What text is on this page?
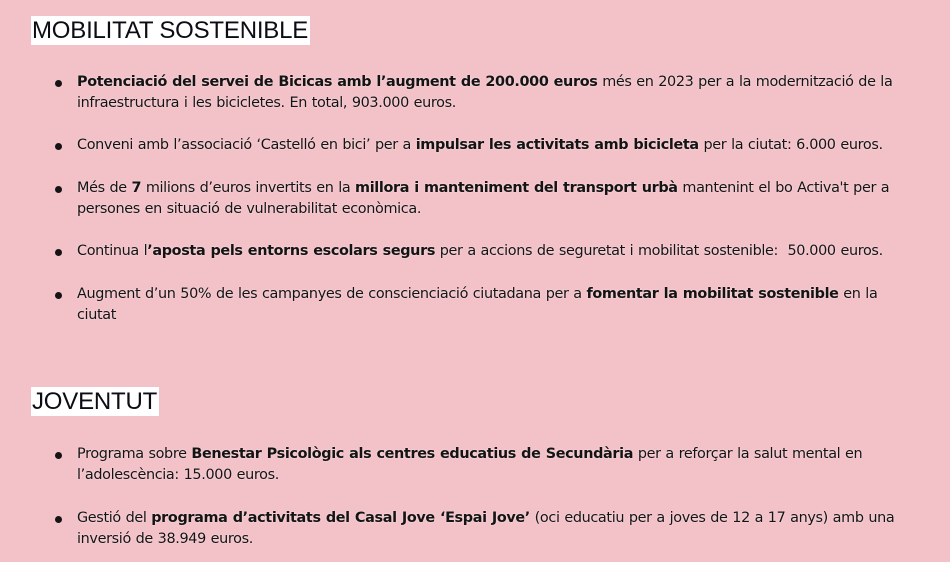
MOBILITAT SOSTENIBLE
Potenciació del servei de Bicicas amb l’augment de 200.000 euros més en 2023 per a la modernització de la infraestructura i les bicicletes. En total, 903.000 euros.
Conveni amb l’associació ‘Castelló en bici’ per a impulsar les activitats amb bicicleta per la ciutat: 6.000 euros.
Més de 7 milions d’euros invertits en la millora i manteniment del transport urbà mantenint el bo Activa't per a persones en situació de vulnerabilitat econòmica.
Continua l’aposta pels entorns escolars segurs per a accions de seguretat i mobilitat sostenible:  50.000 euros.
Augment d’un 50% de les campanyes de conscienciació ciutadana per a fomentar la mobilitat sostenible en la ciutat
JOVENTUT
Programa sobre Benestar Psicològic als centres educatius de Secundària per a reforçar la salut mental en l’adolescència: 15.000 euros.
Gestió del programa d’activitats del Casal Jove ‘Espai Jove’ (oci educatiu per a joves de 12 a 17 anys) amb una inversió de 38.949 euros.
